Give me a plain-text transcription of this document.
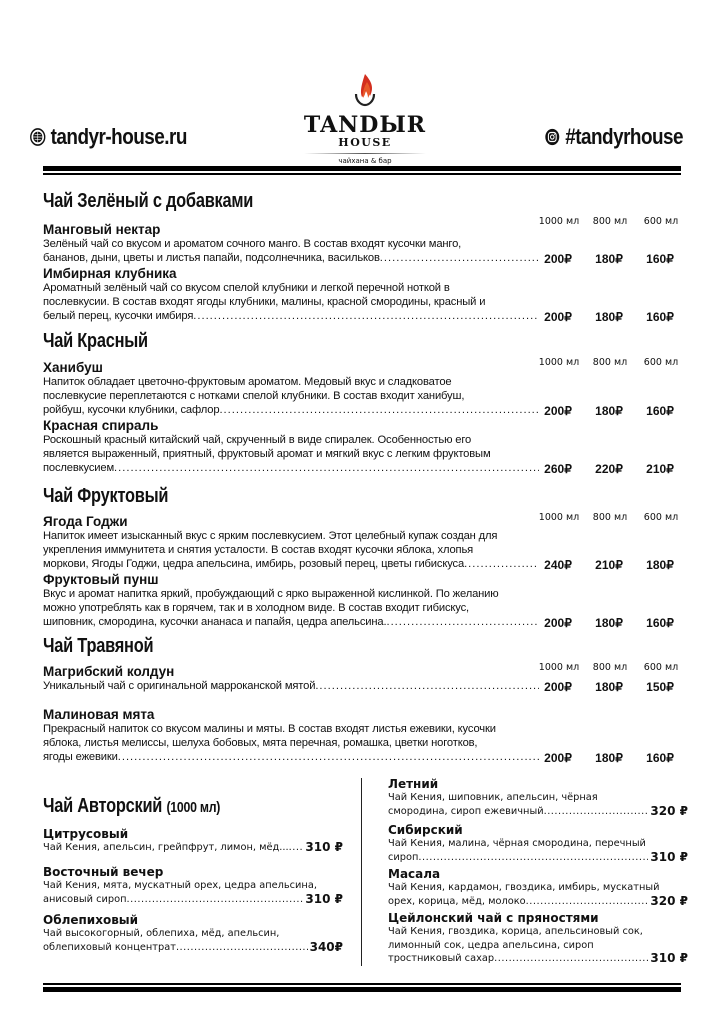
tandyr-house.ru	TANDЫR
HOUSE
чайхана & бар
#tandyrhouse
Чай Зелёный с добавками
1000 мл	800 мл	600 мл
Манговый нектар
Зелёный чай со вкусом и ароматом сочного манго. В состав входят кусочки манго,
бананов, дыни, цветы и листья папайи, подсолнечника, васильков .....	200₽	180₽	160₽
Имбирная клубника
Ароматный зелёный чай со вкусом спелой клубники и легкой перечной ноткой в
послевкусии. В состав входят ягоды клубники, малины, красной смородины, красный и
белый перец, кусочки имбиря .....	200₽	180₽	160₽
Чай Красный
1000 мл	800 мл	600 мл
Ханибуш
Напиток обладает цветочно-фруктовым ароматом. Медовый вкус и сладковатое
послевкусие переплетаются с нотками спелой клубники. В состав входит ханибуш,
ройбуш, кусочки клубники, сафлор .....	200₽	180₽	160₽
Красная спираль
Роскошный красный китайский чай, скрученный в виде спиралек. Особенностью его
является выраженный, приятный, фруктовый аромат и мягкий вкус с легким фруктовым
послевкусием .....	260₽	220₽	210₽
Чай Фруктовый
1000 мл	800 мл	600 мл
Ягода Годжи
Напиток имеет изысканный вкус с ярким послевкусием. Этот целебный купаж создан для
укрепления иммунитета и снятия усталости. В состав входят кусочки яблока, хлопья
моркови, Ягоды Годжи, цедра апельсина, имбирь, розовый перец, цветы гибискуса .....	240₽	210₽	180₽
Фруктовый пунш
Вкус и аромат напитка яркий, пробуждающий с ярко выраженной кислинкой. По желанию
можно употреблять как в горячем, так и в холодном виде. В состав входит гибискус,
шиповник, смородина, кусочки ананаса и папайя, цедра апельсина. .....	200₽	180₽	160₽
Чай Травяной
1000 мл	800 мл	600 мл
Магрибский колдун
Уникальный чай с оригинальной марроканской мятой .....	200₽	180₽	150₽
Малиновая мята
Прекрасный напиток со вкусом малины и мяты. В состав входят листья ежевики, кусочки
яблока, листья мелиссы, шелуха бобовых, мята перечная, ромашка, цветки ноготков,
ягоды ежевики .....	200₽	180₽	160₽
Чай Авторский (1000 мл)
Цитрусовый
Чай Кения, апельсин, грейпфрут, лимон, мёд... ..... 310 ₽
Восточный вечер
Чай Кения, мята, мускатный орех, цедра апельсина,
анисовый сироп .....	310 ₽
Облепиховый
Чай высокогорный, облепиха, мёд, апельсин,
облепиховый концентрат .....	340₽
Летний
Чай Кения, шиповник, апельсин, чёрная
смородина, сироп ежевичный .....	320 ₽
Сибирский
Чай Кения, малина, чёрная смородина, перечный
сироп .....	310 ₽
Масала
Чай Кения, кардамон, гвоздика, имбирь, мускатный
орех, корица, мёд, молоко .....	320 ₽
Цейлонский чай с пряностями
Чай Кения, гвоздика, корица, апельсиновый сок,
лимонный сок, цедра апельсина, сироп
тростниковый сахар .....	310 ₽
